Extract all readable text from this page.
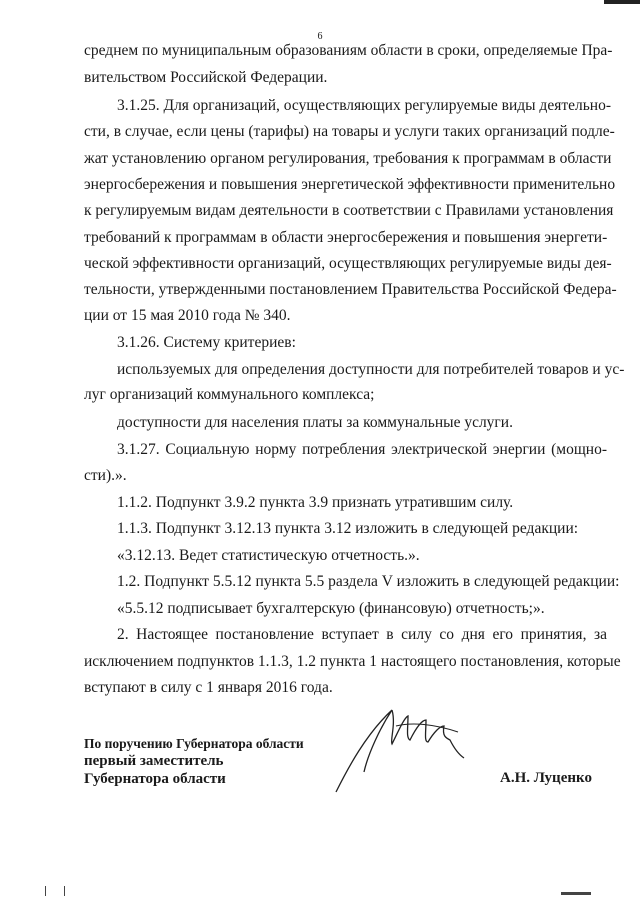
6
среднем по муниципальным образованиям области в сроки, определяемые Пра-
вительством Российской Федерации.
3.1.25. Для организаций, осуществляющих регулируемые виды деятельно-
сти, в случае, если цены (тарифы) на товары и услуги таких организаций подле-
жат установлению органом регулирования, требования к программам в области
энергосбережения и повышения энергетической эффективности применительно
к регулируемым видам деятельности в соответствии с Правилами установления
требований к программам в области энергосбережения и повышения энергети-
ческой эффективности организаций, осуществляющих регулируемые виды дея-
тельности, утвержденными постановлением Правительства Российской Федера-
ции от 15 мая 2010 года № 340.
3.1.26. Систему критериев:
используемых для определения доступности для потребителей товаров и ус-
луг организаций коммунального комплекса;
доступности для населения платы за коммунальные услуги.
3.1.27. Социальную норму потребления электрической энергии (мощно-
сти).».
1.1.2. Подпункт 3.9.2 пункта 3.9 признать утратившим силу.
1.1.3. Подпункт 3.12.13 пункта 3.12 изложить в следующей редакции:
«3.12.13. Ведет статистическую отчетность.».
1.2. Подпункт 5.5.12 пункта 5.5 раздела V изложить в следующей редакции:
«5.5.12 подписывает бухгалтерскую (финансовую) отчетность;».
2. Настоящее постановление вступает в силу со дня его принятия, за
исключением подпунктов 1.1.3, 1.2 пункта 1 настоящего постановления, которые
вступают в силу с 1 января 2016 года.
По поручению Губернатора области
первый заместитель
Губернатора области	А.Н. Луценко
